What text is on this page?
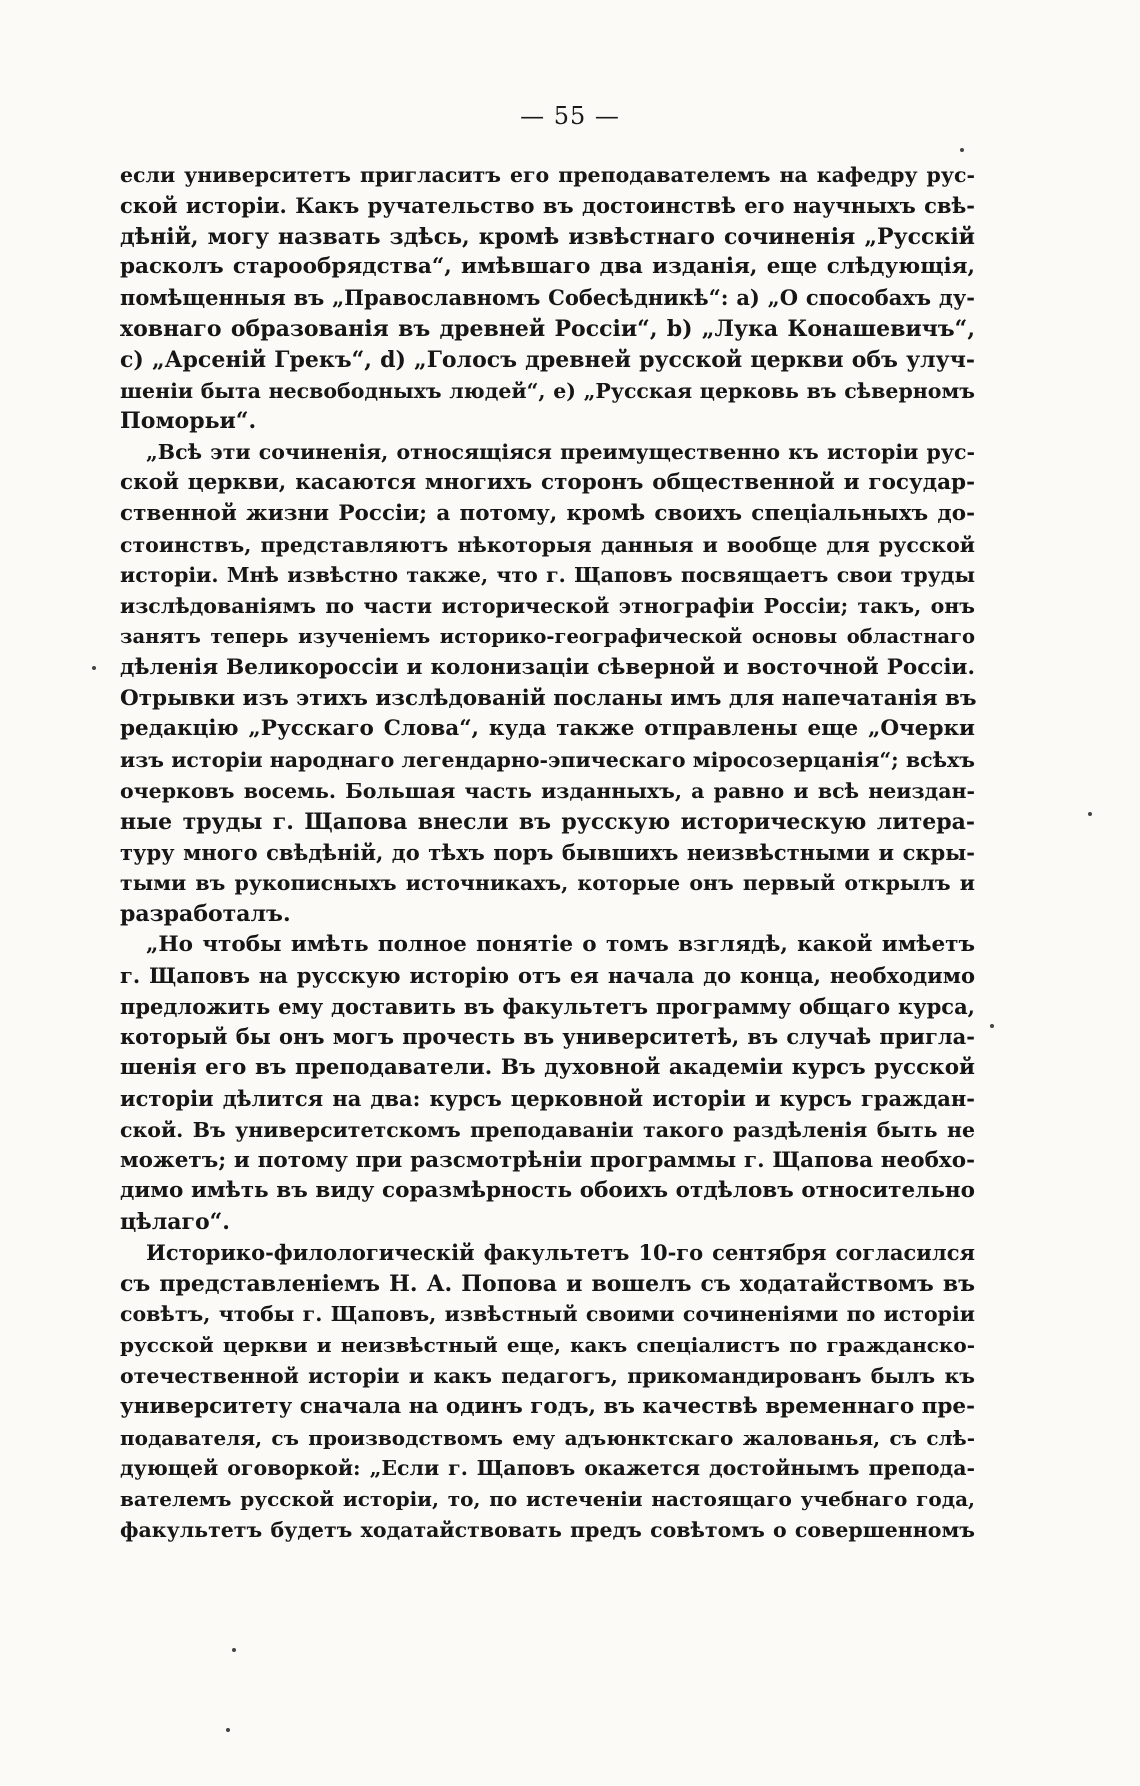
— 55 —
если университетъ пригласитъ его преподавателемъ на кафедру рус-
ской исторіи. Какъ ручательство въ достоинствѣ его научныхъ свѣ-
дѣній, могу назвать здѣсь, кромѣ извѣстнаго сочиненія „Русскій
расколъ старообрядства“, имѣвшаго два изданія, еще слѣдующія,
помѣщенныя въ „Православномъ Собесѣдникѣ“: a) „О способахъ ду-
ховнаго образованія въ древней Россіи“, b) „Лука Конашевичъ“,
c) „Арсеній Грекъ“, d) „Голосъ древней русской церкви объ улуч-
шеніи быта несвободныхъ людей“, e) „Русская церковь въ сѣверномъ
Поморьи“.
„Всѣ эти сочиненія, относящіяся преимущественно къ исторіи рус-
ской церкви, касаются многихъ сторонъ общественной и государ-
ственной жизни Россіи; а потому, кромѣ своихъ спеціальныхъ до-
стоинствъ, представляютъ нѣкоторыя данныя и вообще для русской
исторіи. Мнѣ извѣстно также, что г. Щаповъ посвящаетъ свои труды
изслѣдованіямъ по части исторической этнографіи Россіи; такъ, онъ
занятъ теперь изученіемъ историко-географической основы областнаго
дѣленія Великороссіи и колонизаціи сѣверной и восточной Россіи.
Отрывки изъ этихъ изслѣдованій посланы имъ для напечатанія въ
редакцію „Русскаго Слова“, куда также отправлены еще „Очерки
изъ исторіи народнаго легендарно-эпическаго міросозерцанія“; всѣхъ
очерковъ восемь. Большая часть изданныхъ, а равно и всѣ неиздан-
ные труды г. Щапова внесли въ русскую историческую литера-
туру много свѣдѣній, до тѣхъ поръ бывшихъ неизвѣстными и скры-
тыми въ рукописныхъ источникахъ, которые онъ первый открылъ и
разработалъ.
„Но чтобы имѣть полное понятіе о томъ взглядѣ, какой имѣетъ
г. Щаповъ на русскую исторію отъ ея начала до конца, необходимо
предложить ему доставить въ факультетъ программу общаго курса,
который бы онъ могъ прочесть въ университетѣ, въ случаѣ пригла-
шенія его въ преподаватели. Въ духовной академіи курсъ русской
исторіи дѣлится на два: курсъ церковной исторіи и курсъ граждан-
ской. Въ университетскомъ преподаваніи такого раздѣленія быть не
можетъ; и потому при разсмотрѣніи программы г. Щапова необхо-
димо имѣть въ виду соразмѣрность обоихъ отдѣловъ относительно
цѣлаго“.
Историко-филологическій факультетъ 10-го сентября согласился
съ представленіемъ Н. А. Попова и вошелъ съ ходатайствомъ въ
совѣтъ, чтобы г. Щаповъ, извѣстный своими сочиненіями по исторіи
русской церкви и неизвѣстный еще, какъ спеціалистъ по гражданско-
отечественной исторіи и какъ педагогъ, прикомандированъ былъ къ
университету сначала на одинъ годъ, въ качествѣ временнаго пре-
подавателя, съ производствомъ ему адъюнктскаго жалованья, съ слѣ-
дующей оговоркой: „Если г. Щаповъ окажется достойнымъ препода-
вателемъ русской исторіи, то, по истеченіи настоящаго учебнаго года,
факультетъ будетъ ходатайствовать предъ совѣтомъ о совершенномъ
